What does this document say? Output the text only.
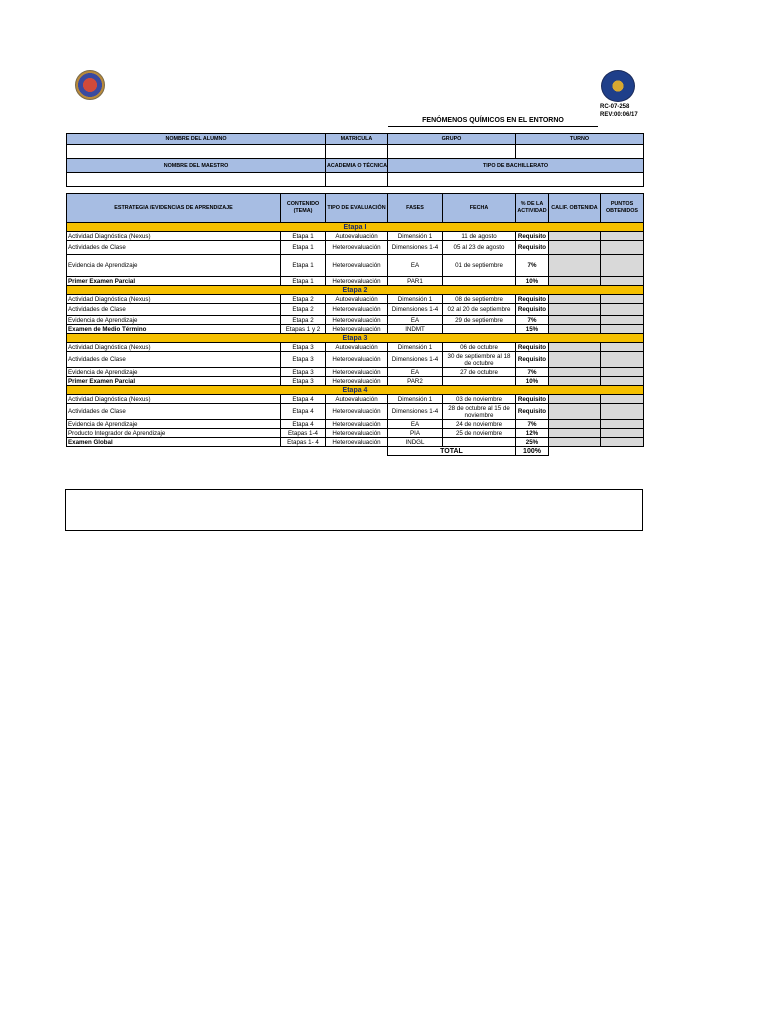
RC-07-258
REV:00:06/17
FENÓMENOS QUÍMICOS EN EL ENTORNO
NOMBRE DEL ALUMNO	MATRICULA	GRUPO	TURNO

NOMBRE DEL MAESTRO	ACADEMIA O TÉCNICA	TIPO DE BACHILLERATO	

ESTRATEGIA /EVIDENCIAS DE APRENDIZAJE	CONTENIDO (TEMA)	TIPO DE EVALUACIÓN	FASES	FECHA	% DE LA ACTIVIDAD	CALIF. OBTENIDA	PUNTOS OBTENIDOS
Etapa I							
Actividad Diagnóstica (Nexus)	Etapa 1	Autoevaluación	Dimensión 1	11 de agosto	Requisito		
Actividades de Clase	Etapa 1	Heteroevaluación	Dimensiones 1-4	05 al 23 de agosto	Requisito		
Evidencia de Aprendizaje	Etapa 1	Heteroevaluación	EA	01 de septiembre	7%		
Primer Examen Parcial	Etapa 1	Heteroevaluación	PAR1		10%		
Etapa 2							
Actividad Diagnóstica (Nexus)	Etapa 2	Autoevaluación	Dimensión 1	08 de septiembre	Requisito		
Actividades de Clase	Etapa 2	Heteroevaluación	Dimensiones 1-4	02 al 20 de septiembre	Requisito		
Evidencia de Aprendizaje	Etapa 2	Heteroevaluación	EA	29 de septiembre	7%		
Examen de Medio Término	Etapas 1 y 2	Heteroevaluación	INDMT		15%		
Etapa 3							
Actividad Diagnóstica (Nexus)	Etapa 3	Autoevaluación	Dimensión 1	06 de octubre	Requisito		
Actividades de Clase	Etapa 3	Heteroevaluación	Dimensiones 1-4	30 de septiembre al 18 de octubre	Requisito		
Evidencia de Aprendizaje	Etapa 3	Heteroevaluación	EA	27 de octubre	7%		
Primer Examen Parcial	Etapa 3	Heteroevaluación	PAR2		10%		
Etapa 4							
Actividad Diagnóstica (Nexus)	Etapa 4	Autoevaluación	Dimensión 1	03 de noviembre	Requisito		
Actividades de Clase	Etapa 4	Heteroevaluación	Dimensiones 1-4	28 de octubre al 15 de noviembre	Requisito		
Evidencia de Aprendizaje	Etapa 4	Heteroevaluación	EA	24 de noviembre	7%		
Producto Integrador de Aprendizaje	Etapas 1-4	Heteroevaluación	PIA	25 de noviembre	12%		
Examen Global	Etapas 1- 4	Heteroevaluación	INDGL		25%		
			TOTAL		100%		
